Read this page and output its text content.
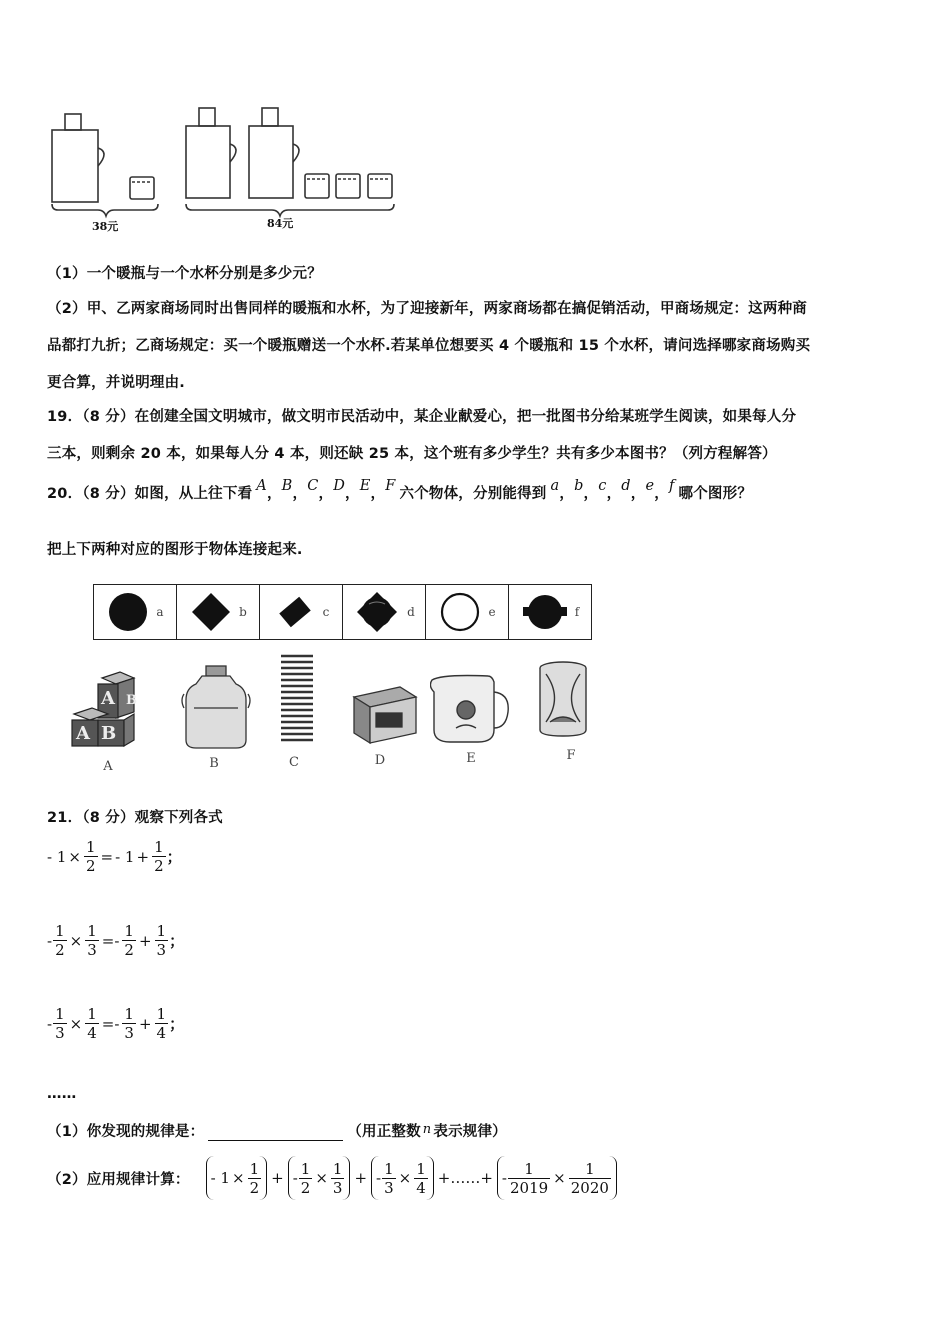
38元	84元
（1）一个暖瓶与一个水杯分别是多少元？
（2）甲、乙两家商场同时出售同样的暖瓶和水杯，为了迎接新年，两家商场都在搞促销活动，甲商场规定：这两种商
品都打九折；乙商场规定：买一个暖瓶赠送一个水杯.若某单位想要买 4 个暖瓶和 15 个水杯，请问选择哪家商场购买
更合算，并说明理由.
19．（8 分）在创建全国文明城市，做文明市民活动中，某企业献爱心，把一批图书分给某班学生阅读，如果每人分
三本，则剩余 20 本，如果每人分 4 本，则还缺 25 本，这个班有多少学生？共有多少本图书？（列方程解答）
20．（8 分）如图，从上往下看
A
，
B
，
C
，
D
，
E
，
F
六个物体，分别能得到
a
，
b
，
c
，
d
，
e
，
f
哪个图形？
把上下两种对应的图形于物体连接起来.
a	b	c	d	e	f
A
B
A
B
A	B	C	D	E	F
21．（8 分）观察下列各式
- $1 \times \frac{1}{2}$ = - $1 + \frac{1}{2}$ ；
- $\frac{1}{2} \times \frac{1}{3} =- \frac{1}{2} + \frac{1}{3}$ ；
- $\frac{1}{3} \times \frac{1}{4} =- \frac{1}{3} + \frac{1}{4}$ ；
……
（1）你发现的规律是：	（用正整数 n 表示规律）
（2）应用规律计算： - $1 \times \frac{1}{2}$ + - $\frac{1}{2} \times \frac{1}{3}$ + - $\frac{1}{3} \times \frac{1}{4}$ +……+ - $\frac{1}{2019} \times \frac{1}{2020}$
